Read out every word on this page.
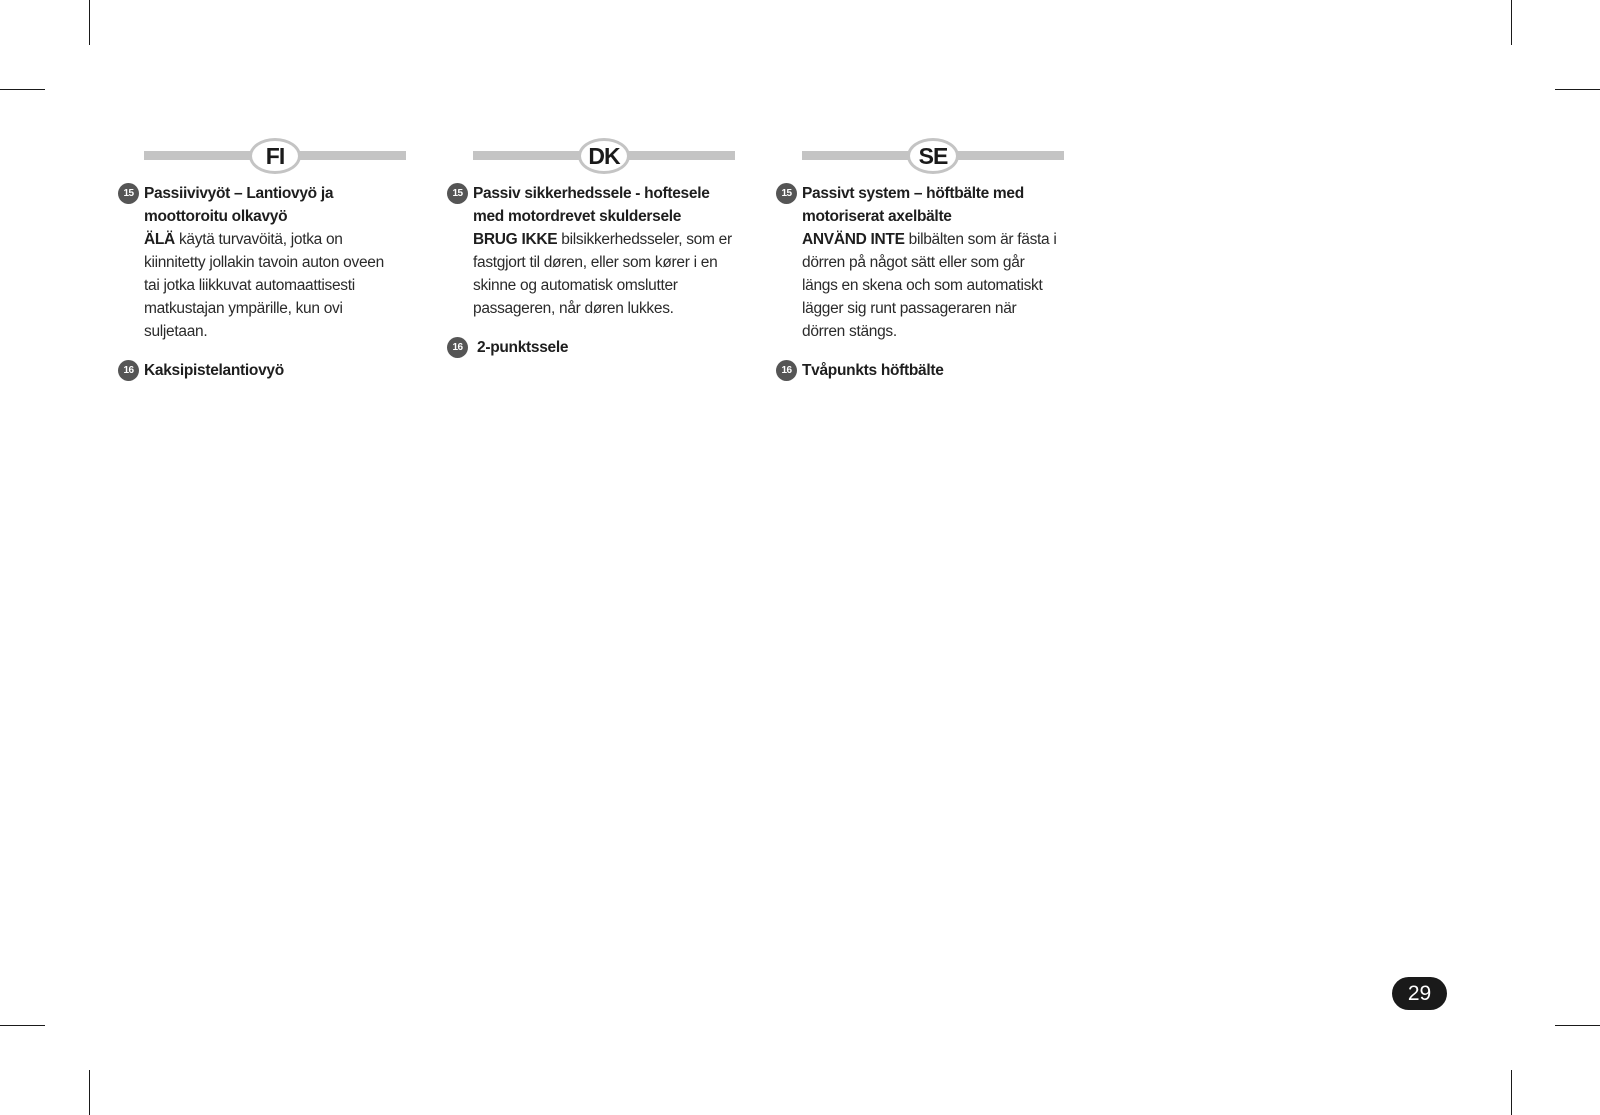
FI
15 Passiivivyöt – Lantiovyö ja moottoroitu olkavyö
ÄLÄ käytä turvavöitä, jotka on kiinnitetty jollakin tavoin auton oveen tai jotka liikkuvat automaattisesti matkustajan ympärille, kun ovi suljetaan.
16 Kaksipistelantiovyö
DK
15 Passiv sikkerhedssele - hoftesele med motordrevet skuldersele
BRUG IKKE bilsikkerhedsseler, som er fastgjort til døren, eller som kører i en skinne og automatisk omslutter passageren, når døren lukkes.
16 2-punktssele
SE
15 Passivt system – höftbälte med motoriserat axelbälte
ANVÄND INTE bilbälten som är fästa i dörren på något sätt eller som går längs en skena och som automatiskt lägger sig runt passageraren när dörren stängs.
16 Tvåpunkts höftbälte
29
